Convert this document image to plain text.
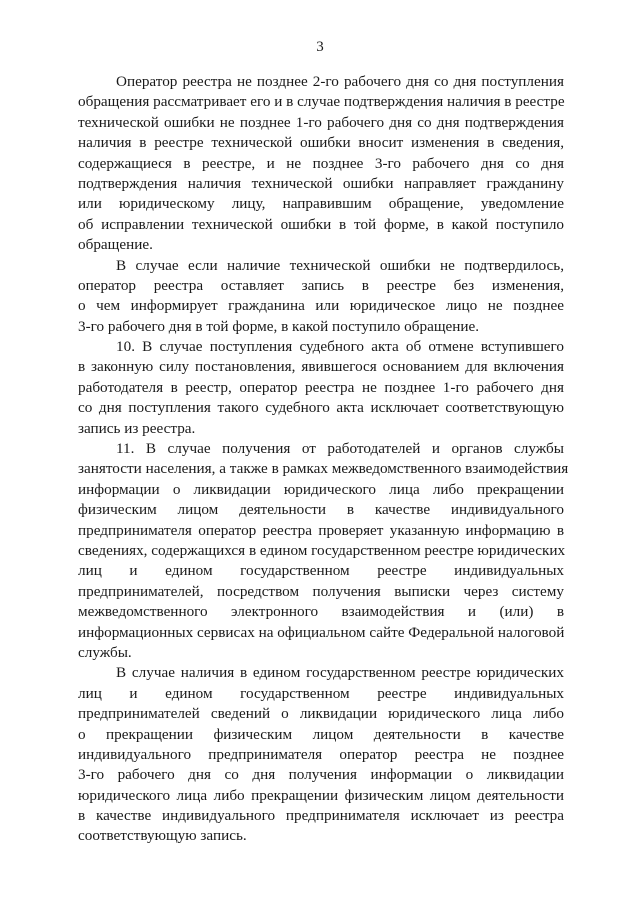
3
Оператор реестра не позднее 2-го рабочего дня со дня поступления
обращения рассматривает его и в случае подтверждения наличия в реестре
технической ошибки не позднее 1-го рабочего дня со дня подтверждения
наличия в реестре технической ошибки вносит изменения в сведения,
содержащиеся в реестре, и не позднее 3-го рабочего дня со дня
подтверждения наличия технической ошибки направляет гражданину
или юридическому лицу, направившим обращение, уведомление
об исправлении технической ошибки в той форме, в какой поступило
обращение.
В случае если наличие технической ошибки не подтвердилось,
оператор реестра оставляет запись в реестре без изменения,
о чем информирует гражданина или юридическое лицо не позднее
3-го рабочего дня в той форме, в какой поступило обращение.
10. В случае поступления судебного акта об отмене вступившего
в законную силу постановления, явившегося основанием для включения
работодателя в реестр, оператор реестра не позднее 1-го рабочего дня
со дня поступления такого судебного акта исключает соответствующую
запись из реестра.
11. В случае получения от работодателей и органов службы
занятости населения, а также в рамках межведомственного взаимодействия
информации о ликвидации юридического лица либо прекращении
физическим лицом деятельности в качестве индивидуального
предпринимателя оператор реестра проверяет указанную информацию в
сведениях, содержащихся в едином государственном реестре юридических
лиц и едином государственном реестре индивидуальных
предпринимателей, посредством получения выписки через систему
межведомственного электронного взаимодействия и (или) в
информационных сервисах на официальном сайте Федеральной налоговой
службы.
В случае наличия в едином государственном реестре юридических
лиц и едином государственном реестре индивидуальных
предпринимателей сведений о ликвидации юридического лица либо
о прекращении физическим лицом деятельности в качестве
индивидуального предпринимателя оператор реестра не позднее
3-го рабочего дня со дня получения информации о ликвидации
юридического лица либо прекращении физическим лицом деятельности
в качестве индивидуального предпринимателя исключает из реестра
соответствующую запись.
